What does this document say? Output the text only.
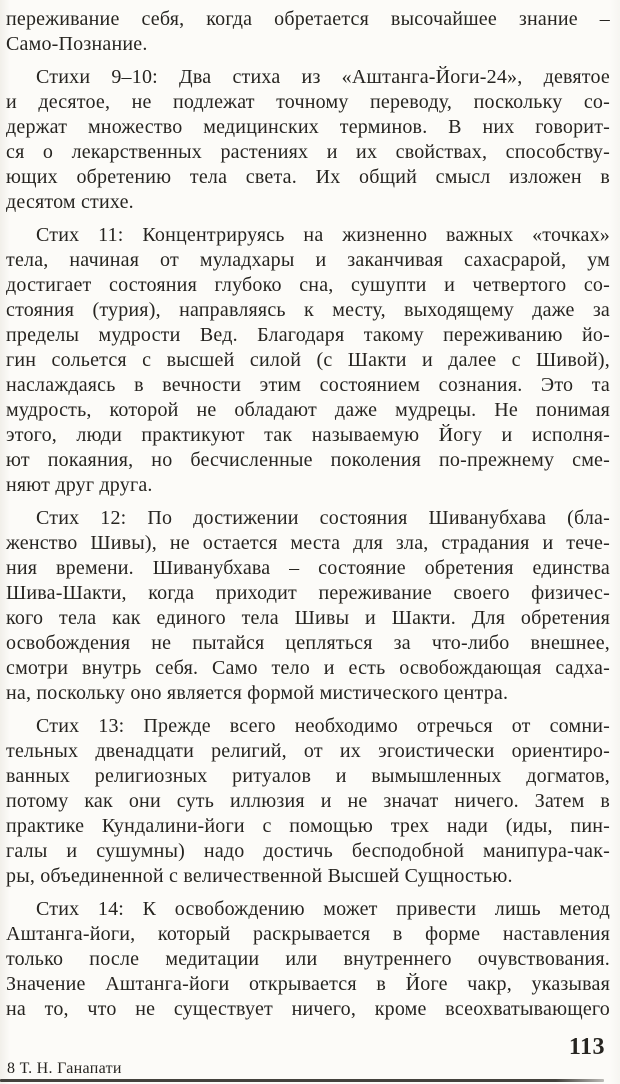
переживание себя, когда обретается высочайшее знание –
Само-Познание.
Стихи 9–10: Два стиха из «Аштанга-Йоги-24», девятое
и десятое, не подлежат точному переводу, поскольку со-
держат множество медицинских терминов. В них говорит-
ся о лекарственных растениях и их свойствах, способству-
ющих обретению тела света. Их общий смысл изложен в
десятом стихе.
Стих 11: Концентрируясь на жизненно важных «точках»
тела, начиная от муладхары и заканчивая сахасрарой, ум
достигает состояния глубоко сна, сушупти и четвертого со-
стояния (турия), направляясь к месту, выходящему даже за
пределы мудрости Вед. Благодаря такому переживанию йо-
гин сольется с высшей силой (с Шакти и далее с Шивой),
наслаждаясь в вечности этим состоянием сознания. Это та
мудрость, которой не обладают даже мудрецы. Не понимая
этого, люди практикуют так называемую Йогу и исполня-
ют покаяния, но бесчисленные поколения по-прежнему сме-
няют друг друга.
Стих 12: По достижении состояния Шиванубхава (бла-
женство Шивы), не остается места для зла, страдания и тече-
ния времени. Шиванубхава – состояние обретения единства
Шива-Шакти, когда приходит переживание своего физичес-
кого тела как единого тела Шивы и Шакти. Для обретения
освобождения не пытайся цепляться за что-либо внешнее,
смотри внутрь себя. Само тело и есть освобождающая садха-
на, поскольку оно является формой мистического центра.
Стих 13: Прежде всего необходимо отречься от сомни-
тельных двенадцати религий, от их эгоистически ориентиро-
ванных религиозных ритуалов и вымышленных догматов,
потому как они суть иллюзия и не значат ничего. Затем в
практике Кундалини-йоги с помощью трех нади (иды, пин-
галы и сушумны) надо достичь бесподобной манипура-чак-
ры, объединенной с величественной Высшей Сущностью.
Стих 14: К освобождению может привести лишь метод
Аштанга-йоги, который раскрывается в форме наставления
только после медитации или внутреннего очувствования.
Значение Аштанга-йоги открывается в Йоге чакр, указывая
на то, что не существует ничего, кроме всеохватывающего
113
8 Т. Н. Ганапати
